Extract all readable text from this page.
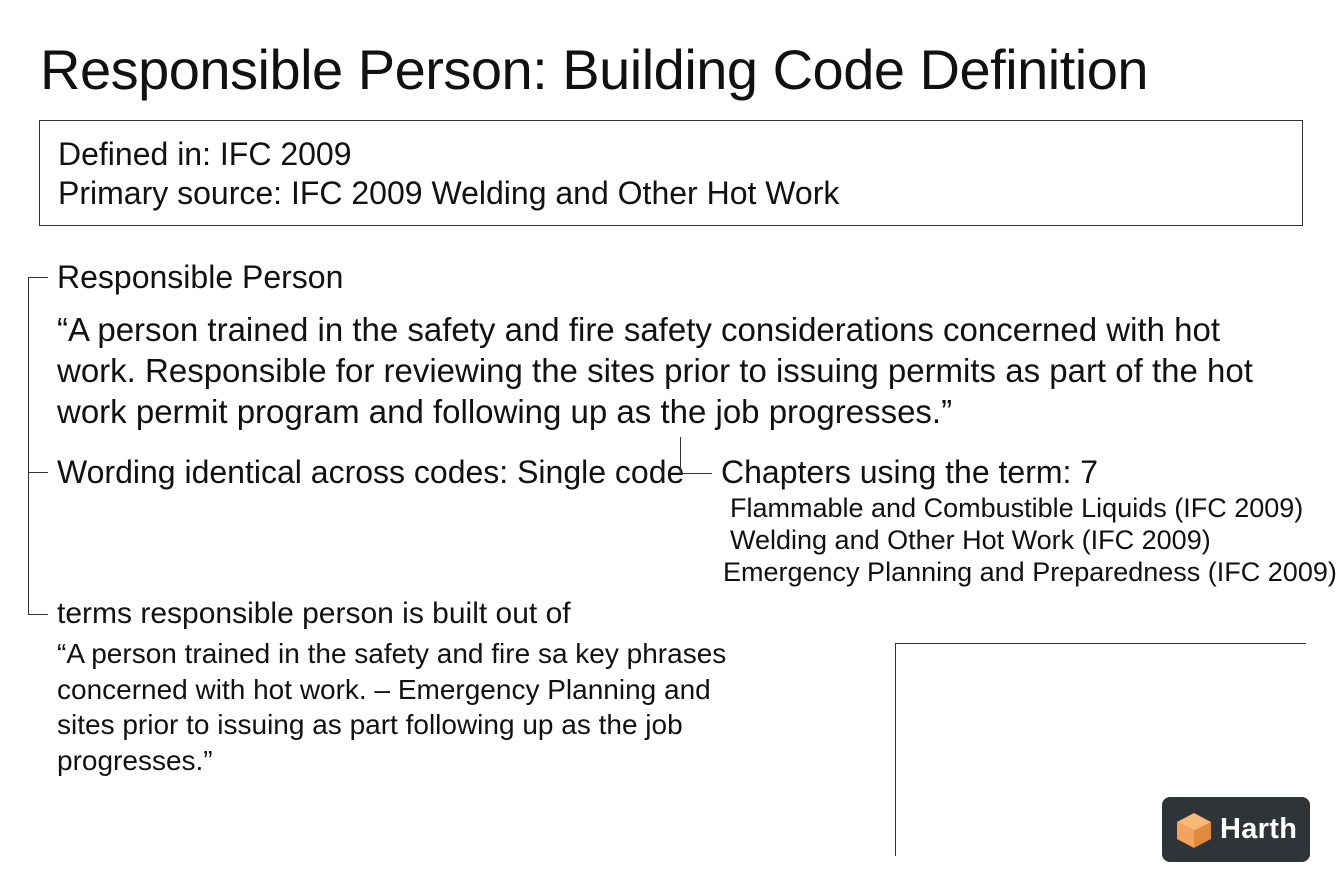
Responsible Person: Building Code Definition
Defined in: IFC 2009
Primary source: IFC 2009 Welding and Other Hot Work
Responsible Person
“A person trained in the safety and fire safety considerations concerned with hot work. Responsible for reviewing the sites prior to issuing permits as part of the hot work permit program and following up as the job progresses.”
Wording identical across codes: Single code Chapters using the term: 7
Flammable and Combustible Liquids (IFC 2009)
Welding and Other Hot Work (IFC 2009)
Emergency Planning and Preparedness (IFC 2009)
terms responsible person is built out of
“A person trained in the safety and fire sa key phrases concerned with hot work. – Emergency Planning and sites prior to issuing as part following up as the job progresses.”
Harth
